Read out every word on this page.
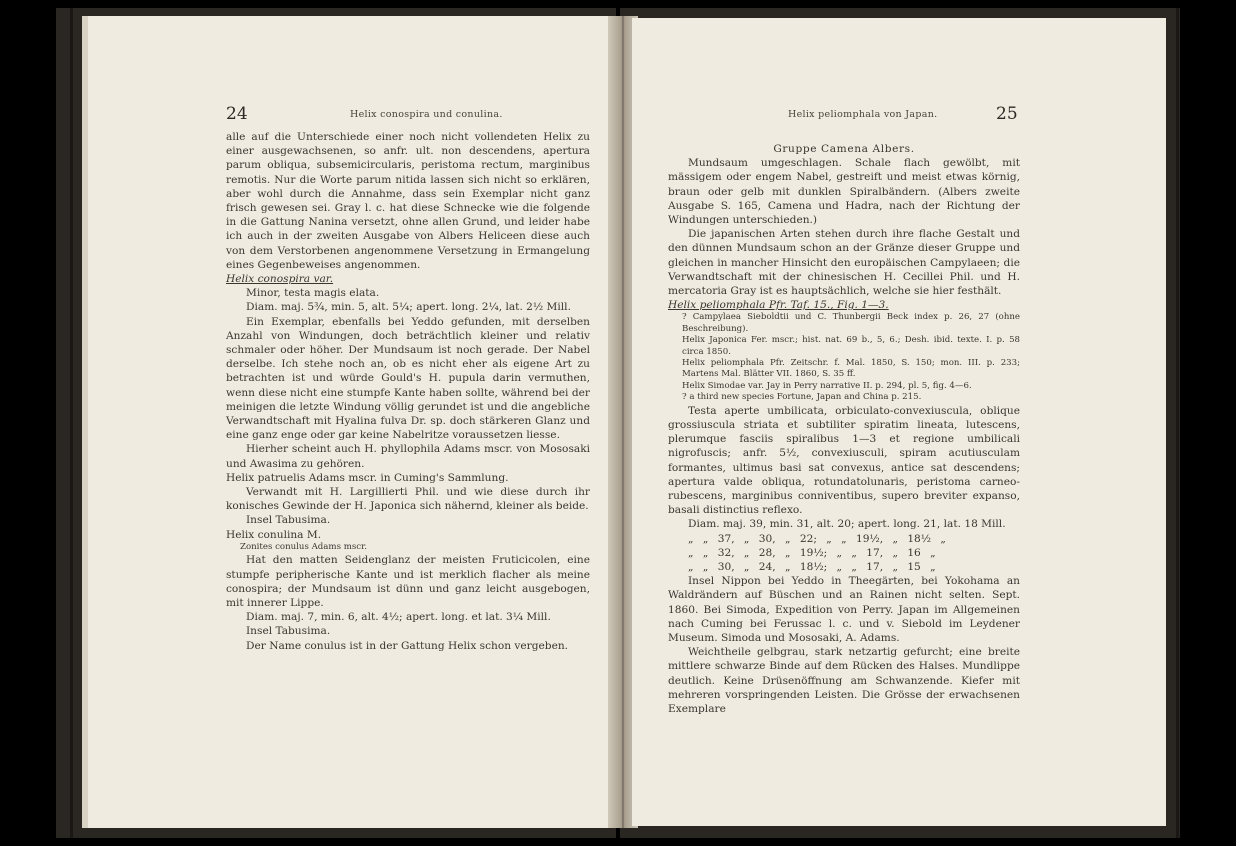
24	Helix conospira und conulina.

alle auf die Unterschiede einer noch nicht vollendeten Helix zu einer ausgewachsenen, so anfr. ult. non descendens, apertura parum obliqua, subsemicircularis, peristoma rectum, marginibus remotis. Nur die Worte parum nitida lassen sich nicht so erklären, aber wohl durch die Annahme, dass sein Exemplar nicht ganz frisch gewesen sei. Gray l. c. hat diese Schnecke wie die folgende in die Gattung Nanina versetzt, ohne allen Grund, und leider habe ich auch in der zweiten Ausgabe von Albers Heliceen diese auch von dem Verstorbenen angenommene Versetzung in Ermangelung eines Gegenbeweises angenommen.

Helix conospira var.

Minor, testa magis elata.

Diam. maj. 5¾, min. 5, alt. 5¼; apert. long. 2¼, lat. 2½ Mill.

Ein Exemplar, ebenfalls bei Yeddo gefunden, mit derselben Anzahl von Windungen, doch beträchtlich kleiner und relativ schmaler oder höher. Der Mundsaum ist noch gerade. Der Nabel derselbe. Ich stehe noch an, ob es nicht eher als eigene Art zu betrachten ist und würde Gould's H. pupula darin vermuthen, wenn diese nicht eine stumpfe Kante haben sollte, während bei der meinigen die letzte Windung völlig gerundet ist und die angebliche Verwandtschaft mit Hyalina fulva Dr. sp. doch stärkeren Glanz und eine ganz enge oder gar keine Nabelritze voraussetzen liesse.

Hierher scheint auch H. phyllophila Adams mscr. von Mososaki und Awasima zu gehören.

Helix patruelis Adams mscr. in Cuming's Sammlung.

Verwandt mit H. Largillierti Phil. und wie diese durch ihr konisches Gewinde der H. Japonica sich nähernd, kleiner als beide.

Insel Tabusima.

Helix conulina M.

Zonites conulus Adams mscr.

Hat den matten Seidenglanz der meisten Fruticicolen, eine stumpfe peripherische Kante und ist merklich flacher als meine conospira; der Mundsaum ist dünn und ganz leicht ausgebogen, mit innerer Lippe.

Diam. maj. 7, min. 6, alt. 4½; apert. long. et lat. 3¼ Mill.

Insel Tabusima.

Der Name conulus ist in der Gattung Helix schon vergeben.

Helix peliomphala von Japan.	25

Gruppe Camena Albers.

Mundsaum umgeschlagen. Schale flach gewölbt, mit mässigem oder engem Nabel, gestreift und meist etwas körnig, braun oder gelb mit dunklen Spiralbändern. (Albers zweite Ausgabe S. 165, Camena und Hadra, nach der Richtung der Windungen unterschieden.)

Die japanischen Arten stehen durch ihre flache Gestalt und den dünnen Mundsaum schon an der Gränze dieser Gruppe und gleichen in mancher Hinsicht den europäischen Campylaeen; die Verwandtschaft mit der chinesischen H. Cecillei Phil. und H. mercatoria Gray ist es hauptsächlich, welche sie hier festhält.

Helix peliomphala Pfr. Taf. 15., Fig. 1—3.

? Campylaea Sieboldtii und C. Thunbergii Beck index p. 26, 27 (ohne Beschreibung).

Helix Japonica Fer. mscr.; hist. nat. 69 b., 5, 6.; Desh. ibid. texte. I. p. 58 circa 1850.

Helix peliomphala Pfr. Zeitschr. f. Mal. 1850, S. 150; mon. III. p. 233; Martens Mal. Blätter VII. 1860, S. 35 ff.

Helix Simodae var. Jay in Perry narrative II. p. 294, pl. 5, fig. 4—6.

? a third new species Fortune, Japan and China p. 215.

Testa aperte umbilicata, orbiculato-convexiuscula, oblique grossiuscula striata et subtiliter spiratim lineata, lutescens, plerumque fasciis spiralibus 1—3 et regione umbilicali nigrofuscis; anfr. 5½, convexiusculi, spiram acutiusculam formantes, ultimus basi sat convexus, antice sat descendens; apertura valde obliqua, rotundatolunaris, peristoma carneo-rubescens, marginibus conniventibus, supero breviter expanso, basali distinctius reflexo.

Diam. maj. 39, min. 31, alt. 20; apert. long. 21, lat. 18 Mill.

„ „ 37, „ 30, „ 22; „ „ 19½, „ 18½ „

„ „ 32, „ 28, „ 19½; „ „ 17, „ 16 „

„ „ 30, „ 24, „ 18½; „ „ 17, „ 15 „

Insel Nippon bei Yeddo in Theegärten, bei Yokohama an Waldrändern auf Büschen und an Rainen nicht selten. Sept. 1860. Bei Simoda, Expedition von Perry. Japan im Allgemeinen nach Cuming bei Ferussac l. c. und v. Siebold im Leydener Museum. Simoda und Mososaki, A. Adams.

Weichtheile gelbgrau, stark netzartig gefurcht; eine breite mittlere schwarze Binde auf dem Rücken des Halses. Mundlippe deutlich. Keine Drüsenöffnung am Schwanzende. Kiefer mit mehreren vorspringenden Leisten. Die Grösse der erwachsenen Exemplare
